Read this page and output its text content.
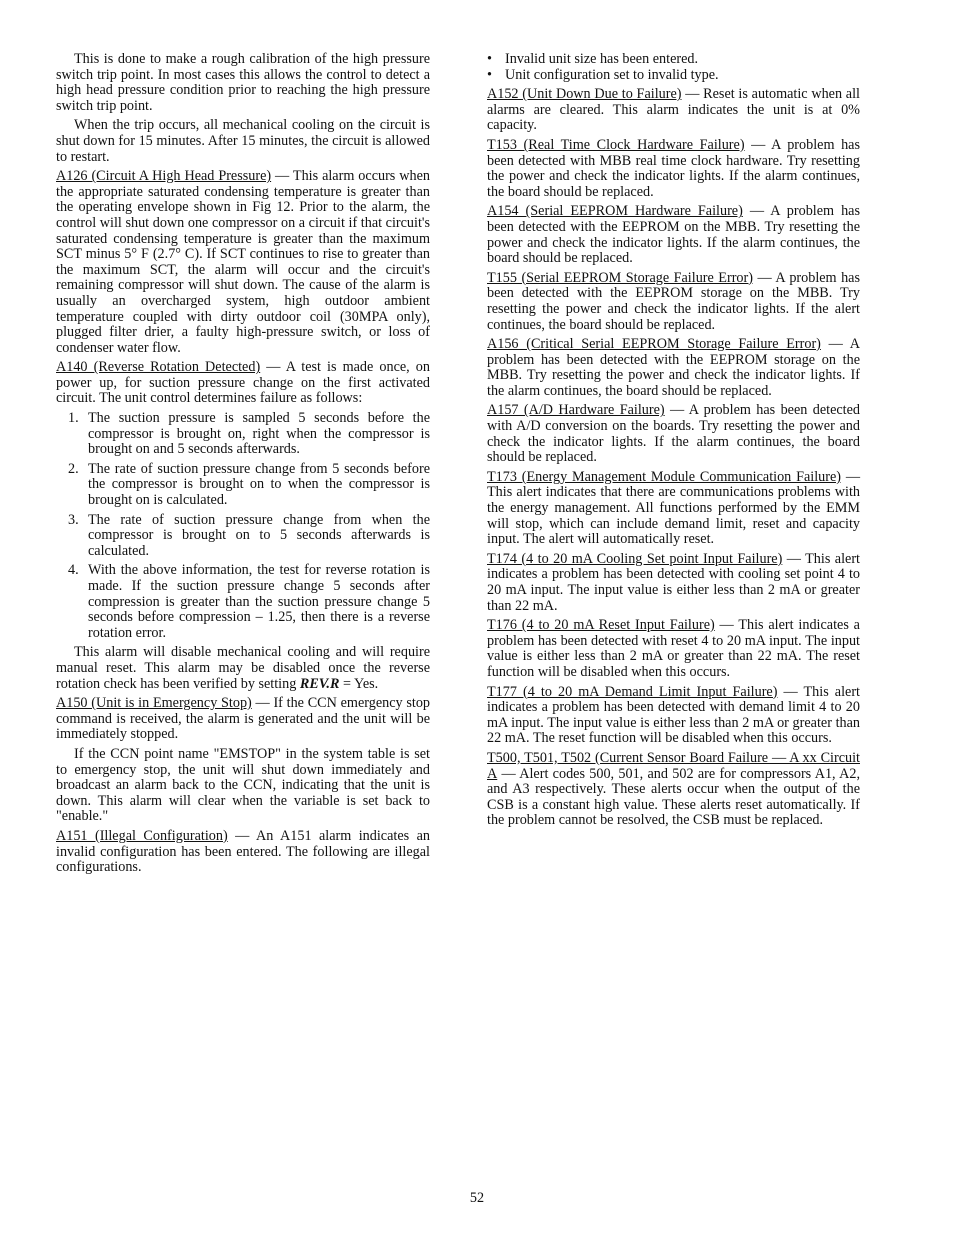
This is done to make a rough calibration of the high pressure switch trip point. In most cases this allows the control to detect a high head pressure condition prior to reaching the high pressure switch trip point.

When the trip occurs, all mechanical cooling on the circuit is shut down for 15 minutes. After 15 minutes, the circuit is allowed to restart.

A126 (Circuit A High Head Pressure) — This alarm occurs when the appropriate saturated condensing temperature is greater than the operating envelope shown in Fig 12. Prior to the alarm, the control will shut down one compressor on a circuit if that circuit's saturated condensing temperature is greater than the maximum SCT minus 5° F (2.7° C). If SCT continues to rise to greater than the maximum SCT, the alarm will occur and the circuit's remaining compressor will shut down. The cause of the alarm is usually an overcharged system, high outdoor ambient temperature coupled with dirty outdoor coil (30MPA only), plugged filter drier, a faulty high-pressure switch, or loss of condenser water flow.

A140 (Reverse Rotation Detected) — A test is made once, on power up, for suction pressure change on the first activated circuit. The unit control determines failure as follows:

1. The suction pressure is sampled 5 seconds before the compressor is brought on, right when the compressor is brought on and 5 seconds afterwards.
2. The rate of suction pressure change from 5 seconds before the compressor is brought on to when the compressor is brought on is calculated.
3. The rate of suction pressure change from when the compressor is brought on to 5 seconds afterwards is calculated.
4. With the above information, the test for reverse rotation is made. If the suction pressure change 5 seconds after compression is greater than the suction pressure change 5 seconds before compression – 1.25, then there is a reverse rotation error.

This alarm will disable mechanical cooling and will require manual reset. This alarm may be disabled once the reverse rotation check has been verified by setting REV.R = Yes.

A150 (Unit is in Emergency Stop) — If the CCN emergency stop command is received, the alarm is generated and the unit will be immediately stopped.

If the CCN point name "EMSTOP" in the system table is set to emergency stop, the unit will shut down immediately and broadcast an alarm back to the CCN, indicating that the unit is down. This alarm will clear when the variable is set back to "enable."

A151 (Illegal Configuration) — An A151 alarm indicates an invalid configuration has been entered. The following are illegal configurations.

• Invalid unit size has been entered.
• Unit configuration set to invalid type.

A152 (Unit Down Due to Failure) — Reset is automatic when all alarms are cleared. This alarm indicates the unit is at 0% capacity.

T153 (Real Time Clock Hardware Failure) — A problem has been detected with MBB real time clock hardware. Try resetting the power and check the indicator lights. If the alarm continues, the board should be replaced.

A154 (Serial EEPROM Hardware Failure) — A problem has been detected with the EEPROM on the MBB. Try resetting the power and check the indicator lights. If the alarm continues, the board should be replaced.

T155 (Serial EEPROM Storage Failure Error) — A problem has been detected with the EEPROM storage on the MBB. Try resetting the power and check the indicator lights. If the alert continues, the board should be replaced.

A156 (Critical Serial EEPROM Storage Failure Error) — A problem has been detected with the EEPROM storage on the MBB. Try resetting the power and check the indicator lights. If the alarm continues, the board should be replaced.

A157 (A/D Hardware Failure) — A problem has been detected with A/D conversion on the boards. Try resetting the power and check the indicator lights. If the alarm continues, the board should be replaced.

T173 (Energy Management Module Communication Failure) — This alert indicates that there are communications problems with the energy management. All functions performed by the EMM will stop, which can include demand limit, reset and capacity input. The alert will automatically reset.

T174 (4 to 20 mA Cooling Set point Input Failure) — This alert indicates a problem has been detected with cooling set point 4 to 20 mA input. The input value is either less than 2 mA or greater than 22 mA.

T176 (4 to 20 mA Reset Input Failure) — This alert indicates a problem has been detected with reset 4 to 20 mA input. The input value is either less than 2 mA or greater than 22 mA. The reset function will be disabled when this occurs.

T177 (4 to 20 mA Demand Limit Input Failure) — This alert indicates a problem has been detected with demand limit 4 to 20 mA input. The input value is either less than 2 mA or greater than 22 mA. The reset function will be disabled when this occurs.

T500, T501, T502 (Current Sensor Board Failure — A xx Circuit A — Alert codes 500, 501, and 502 are for compressors A1, A2, and A3 respectively. These alerts occur when the output of the CSB is a constant high value. These alerts reset automatically. If the problem cannot be resolved, the CSB must be replaced.

52
